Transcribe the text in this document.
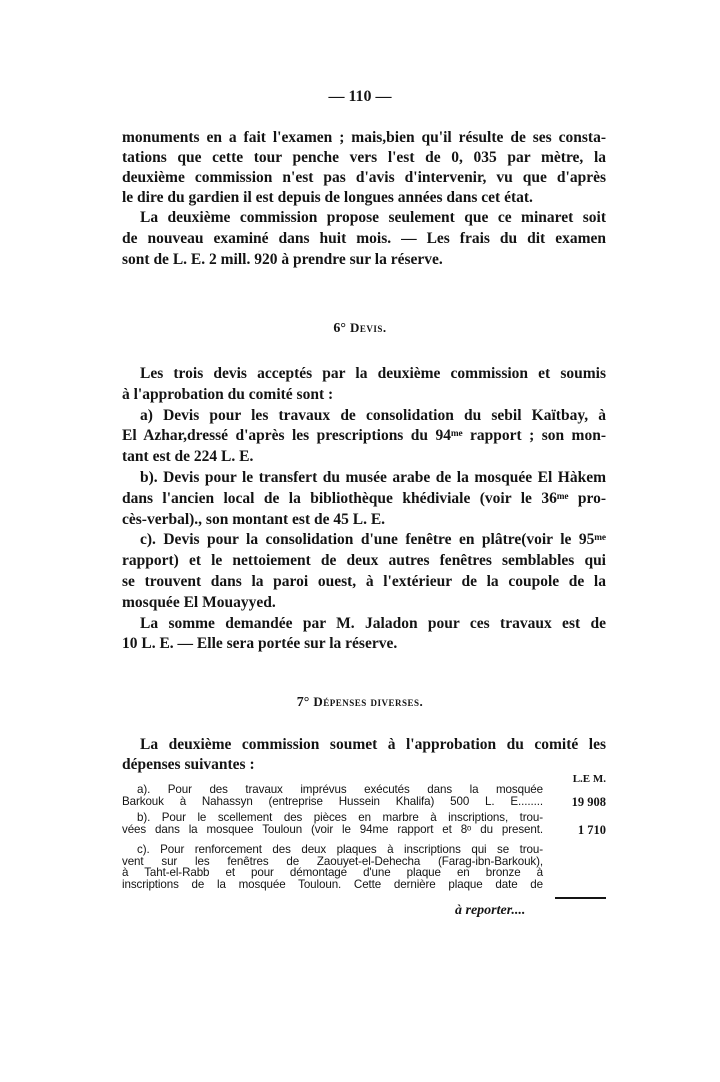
— 110 —
monuments en a fait l'examen ; mais,bien qu'il résulte de ses consta-
tations que cette tour penche vers l'est de 0, 035 par mètre, la
deuxième commission n'est pas d'avis d'intervenir, vu que d'après
le dire du gardien il est depuis de longues années dans cet état.
La deuxième commission propose seulement que ce minaret soit
de nouveau examiné dans huit mois. — Les frais du dit examen
sont de L. E. 2 mill. 920 à prendre sur la réserve.
6° Devis.
Les trois devis acceptés par la deuxième commission et soumis
à l'approbation du comité sont :
a) Devis pour les travaux de consolidation du sebil Kaïtbay, à
El Azhar,dressé d'après les prescriptions du 94ᵐᵉ rapport ; son mon-
tant est de 224 L. E.
b). Devis pour le transfert du musée arabe de la mosquée El Hàkem
dans l'ancien local de la bibliothèque khédiviale (voir le 36ᵐᵉ pro-
cès-verbal)., son montant est de 45 L. E.
c). Devis pour la consolidation d'une fenêtre en plâtre(voir le 95ᵐᵉ
rapport) et le nettoiement de deux autres fenêtres semblables qui
se trouvent dans la paroi ouest, à l'extérieur de la coupole de la
mosquée El Mouayyed.
La somme demandée par M. Jaladon pour ces travaux est de
10 L. E. — Elle sera portée sur la réserve.
7° Dépenses diverses.
La deuxième commission soumet à l'approbation du comité les
dépenses suivantes :
L.E M.
a). Pour des travaux imprévus exécutés dans la mosquée
Barkouk à Nahassyn (entreprise Hussein Khalifa) 500 L. E........ 19 908
b). Pour le scellement des pièces en marbre à inscriptions, trou-
vées dans la mosquee Touloun (voir le 94me rapport et 8ᵒ du present.	1 710
c). Pour renforcement des deux plaques à inscriptions qui se trou-
vent sur les fenêtres de Zaouyet-el-Dehecha (Farag-ibn-Barkouk),
à Taht-el-Rabb et pour démontage d'une plaque en bronze à
inscriptions de la mosquée Touloun. Cette dernière plaque date de
à reporter....
